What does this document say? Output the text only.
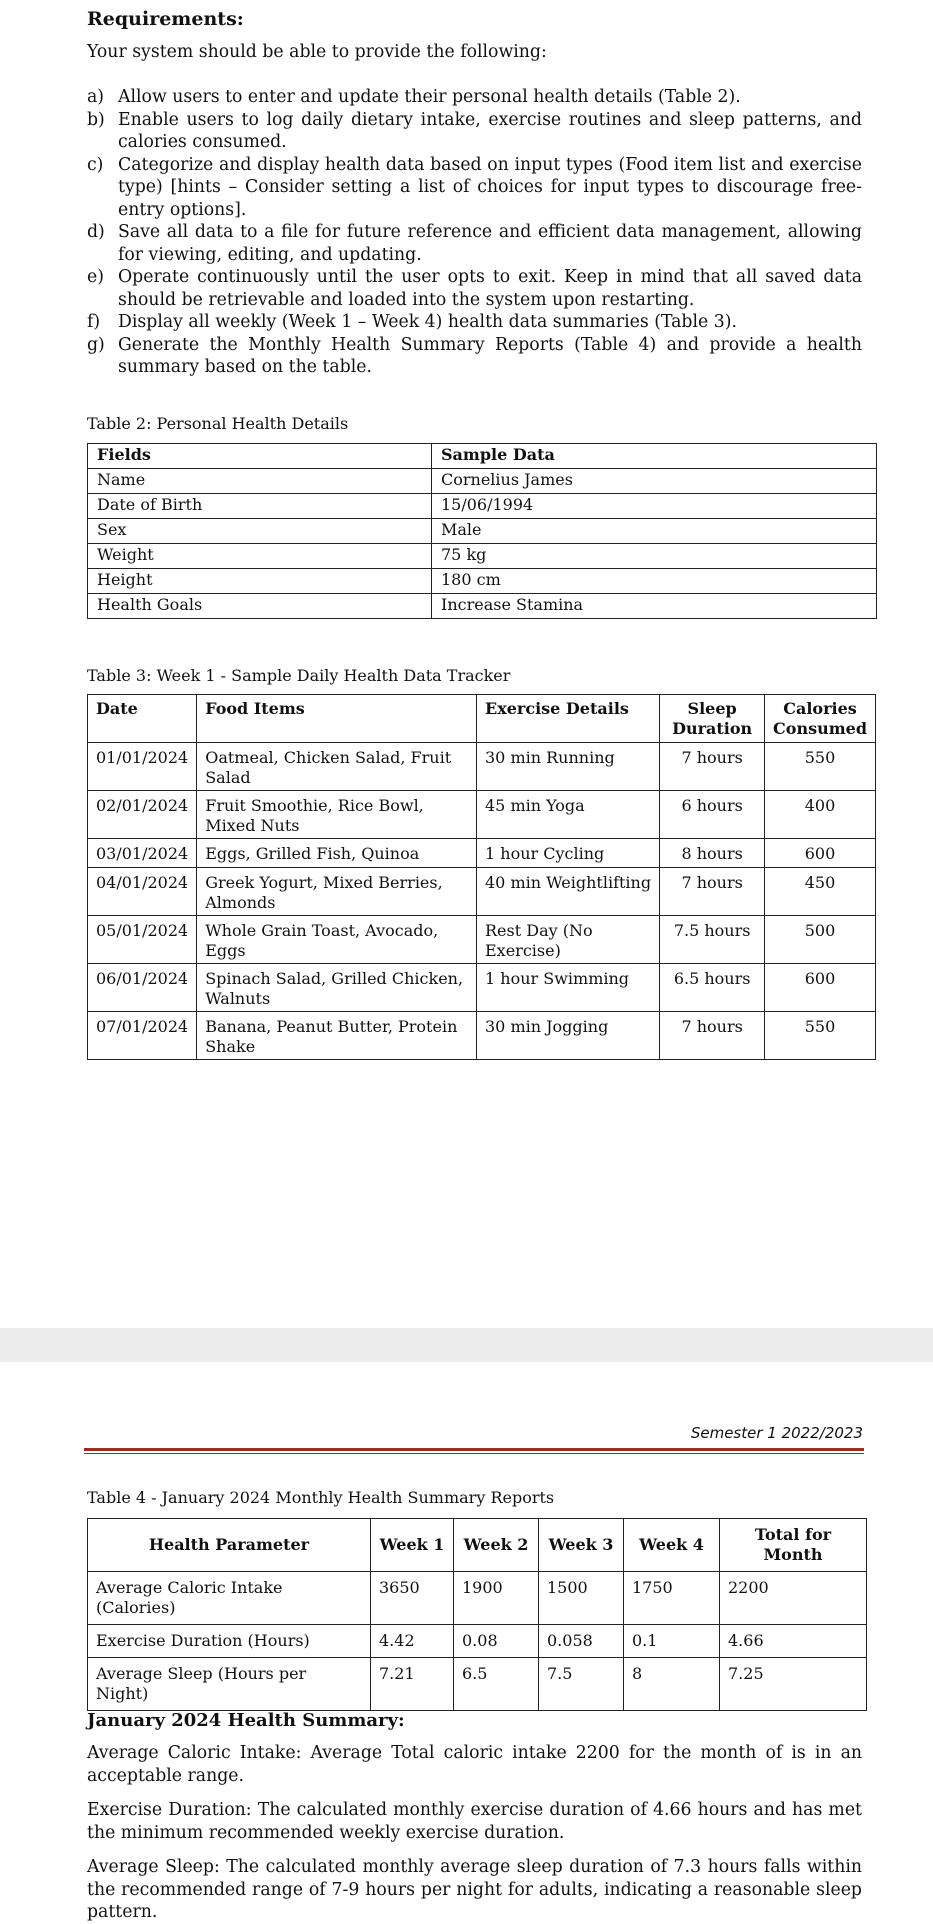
Requirements:
Your system should be able to provide the following:
a) Allow users to enter and update their personal health details (Table 2).
b) Enable users to log daily dietary intake, exercise routines and sleep patterns, and calories consumed.
c) Categorize and display health data based on input types (Food item list and exercise type) [hints – Consider setting a list of choices for input types to discourage free-entry options].
d) Save all data to a file for future reference and efficient data management, allowing for viewing, editing, and updating.
e) Operate continuously until the user opts to exit. Keep in mind that all saved data should be retrievable and loaded into the system upon restarting.
f) Display all weekly (Week 1 – Week 4) health data summaries (Table 3).
g) Generate the Monthly Health Summary Reports (Table 4) and provide a health summary based on the table.
Table 2: Personal Health Details
Fields	Sample Data
Name	Cornelius James
Date of Birth	15/06/1994
Sex	Male
Weight	75 kg
Height	180 cm
Health Goals	Increase Stamina
Table 3: Week 1 - Sample Daily Health Data Tracker
Date	Food Items	Exercise Details	Sleep Duration	Calories Consumed
01/01/2024	Oatmeal, Chicken Salad, Fruit Salad	30 min Running	7 hours	550
02/01/2024	Fruit Smoothie, Rice Bowl, Mixed Nuts	45 min Yoga	6 hours	400
03/01/2024	Eggs, Grilled Fish, Quinoa	1 hour Cycling	8 hours	600
04/01/2024	Greek Yogurt, Mixed Berries, Almonds	40 min Weightlifting	7 hours	450
05/01/2024	Whole Grain Toast, Avocado, Eggs	Rest Day (No Exercise)	7.5 hours	500
06/01/2024	Spinach Salad, Grilled Chicken, Walnuts	1 hour Swimming	6.5 hours	600
07/01/2024	Banana, Peanut Butter, Protein Shake	30 min Jogging	7 hours	550
Semester 1 2022/2023
Table 4 - January 2024 Monthly Health Summary Reports
Health Parameter	Week 1	Week 2	Week 3	Week 4	Total for Month
Average Caloric Intake (Calories)	3650	1900	1500	1750	2200
Exercise Duration (Hours)	4.42	0.08	0.058	0.1	4.66
Average Sleep (Hours per Night)	7.21	6.5	7.5	8	7.25
January 2024 Health Summary:
Average Caloric Intake: Average Total caloric intake 2200 for the month of is in an acceptable range.
Exercise Duration: The calculated monthly exercise duration of 4.66 hours and has met the minimum recommended weekly exercise duration.
Average Sleep: The calculated monthly average sleep duration of 7.3 hours falls within the recommended range of 7-9 hours per night for adults, indicating a reasonable sleep pattern.
